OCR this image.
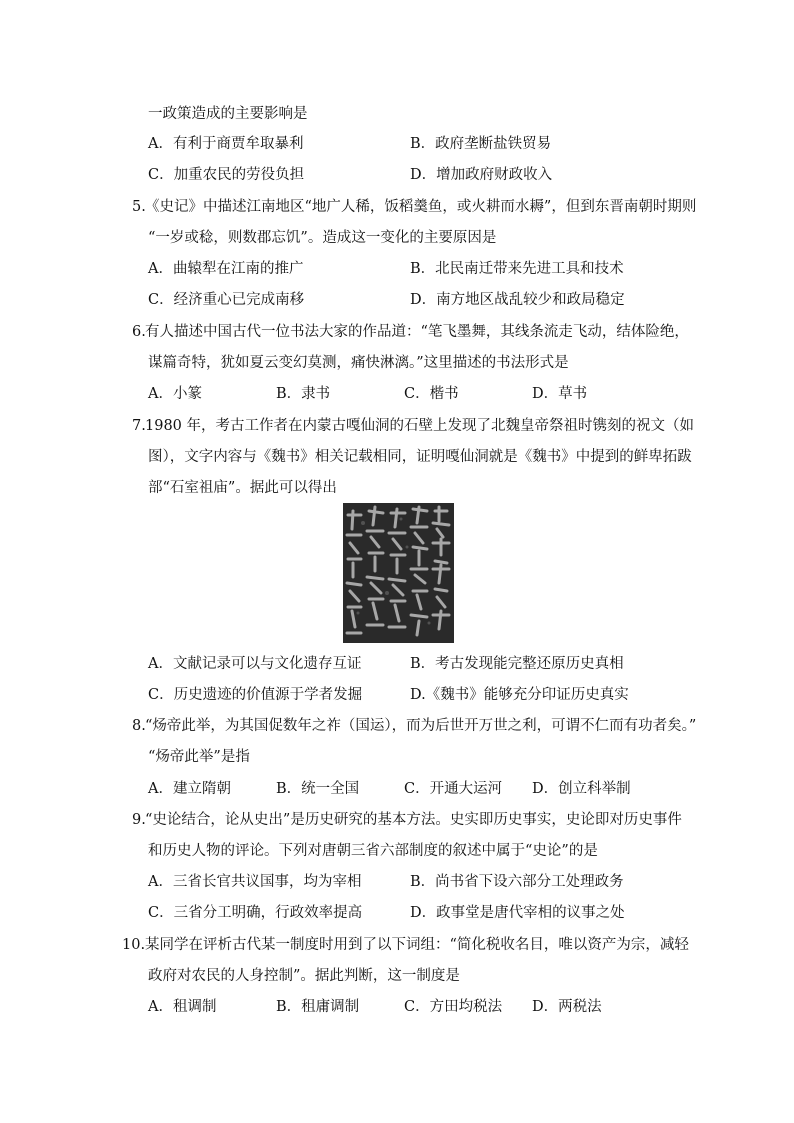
一政策造成的主要影响是
A．有利于商贾牟取暴利	B．政府垄断盐铁贸易
C．加重农民的劳役负担	D．增加政府财政收入
5. 《史记》中描述江南地区“地广人稀，饭稻羹鱼，或火耕而水耨”，但到东晋南朝时期则
“一岁或稔，则数郡忘饥”。造成这一变化的主要原因是
A．曲辕犁在江南的推广	B．北民南迁带来先进工具和技术
C．经济重心已完成南移	D．南方地区战乱较少和政局稳定
6. 有人描述中国古代一位书法大家的作品道：“笔飞墨舞，其线条流走飞动，结体险绝，
谋篇奇特，犹如夏云变幻莫测，痛快淋漓。”这里描述的书法形式是
A．小篆	B．隶书	C．楷书	D．草书
7. 1980 年，考古工作者在内蒙古嘎仙洞的石壁上发现了北魏皇帝祭祖时镌刻的祝文（如
图），文字内容与《魏书》相关记载相同，证明嘎仙洞就是《魏书》中提到的鲜卑拓跋
部“石室祖庙”。据此可以得出
A．文献记录可以与文化遗存互证	B．考古发现能完整还原历史真相
C．历史遗迹的价值源于学者发掘	D.《魏书》能够充分印证历史真实
8. “炀帝此举，为其国促数年之祚（国运），而为后世开万世之利，可谓不仁而有功者矣。”
“炀帝此举”是指
A．建立隋朝	B．统一全国	C．开通大运河 D．创立科举制
9. “史论结合，论从史出”是历史研究的基本方法。史实即历史事实，史论即对历史事件
和历史人物的评论。下列对唐朝三省六部制度的叙述中属于“史论”的是
A．三省长官共议国事，均为宰相	B．尚书省下设六部分工处理政务
C．三省分工明确，行政效率提高	D．政事堂是唐代宰相的议事之处
10. 某同学在评析古代某一制度时用到了以下词组：“简化税收名目，唯以资产为宗，减轻
政府对农民的人身控制”。据此判断，这一制度是
A．租调制	B．租庸调制	C．方田均税法 D．两税法
